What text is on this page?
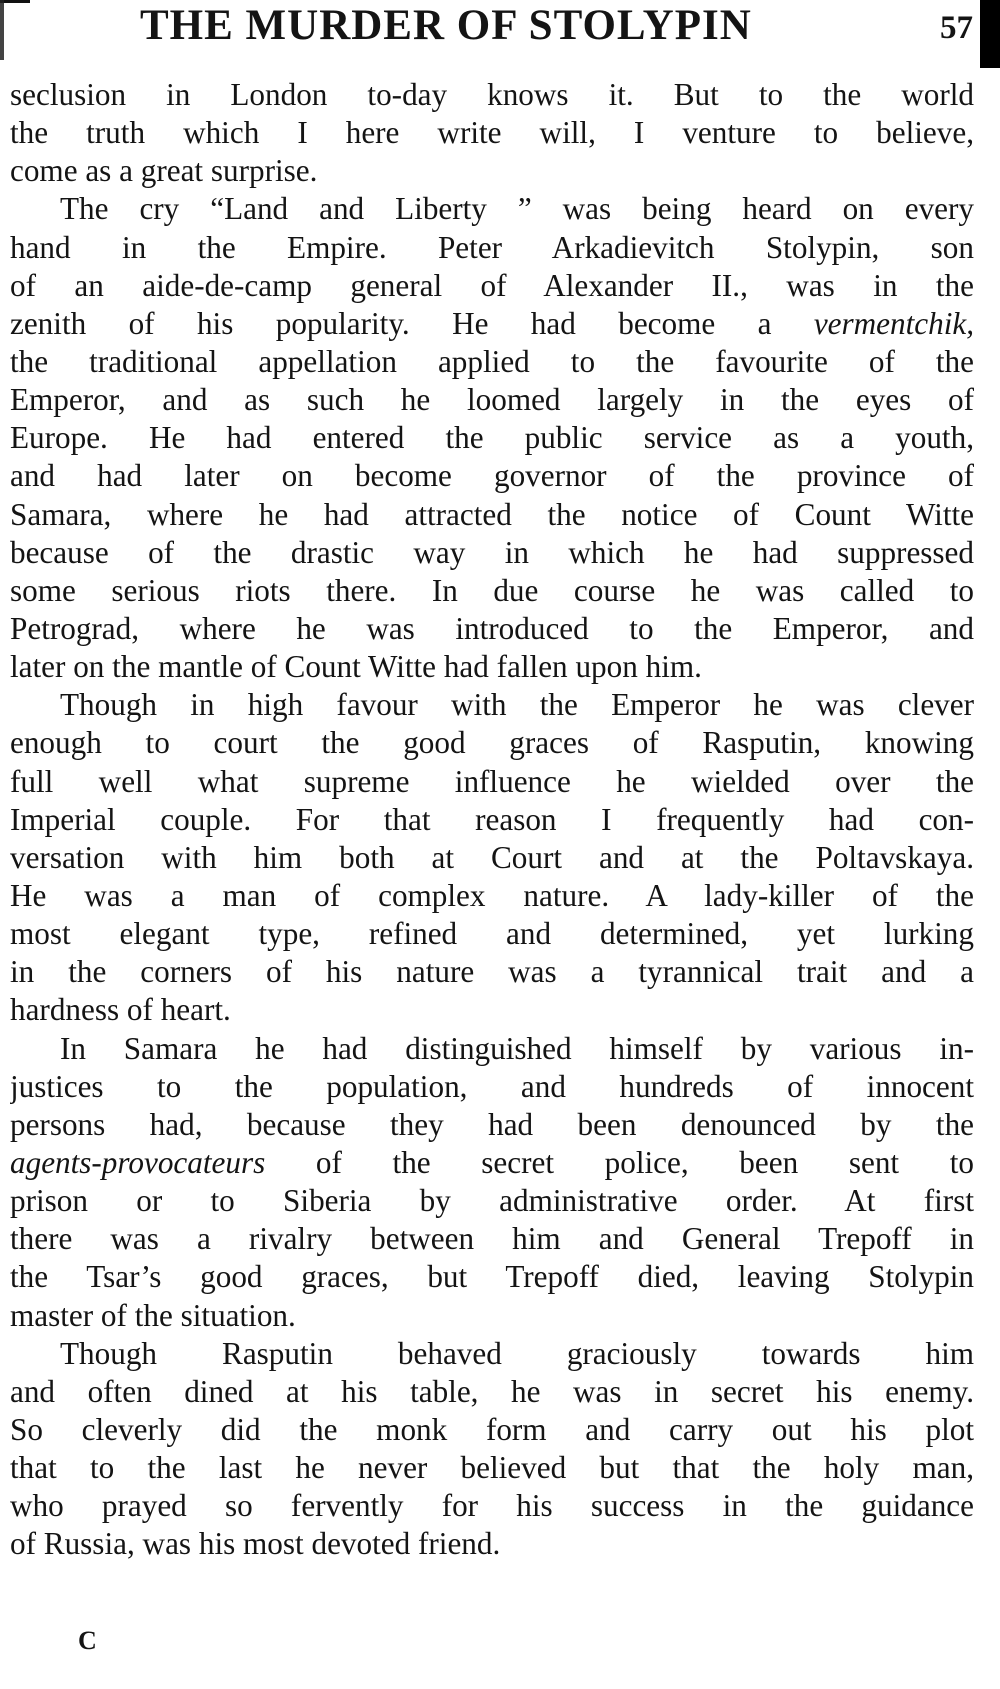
THE MURDER OF STOLYPIN	57
seclusion in London to-day knows it. But to the world
the truth which I here write will, I venture to believe,
come as a great surprise.
The cry “Land and Liberty ” was being heard on every
hand in the Empire. Peter Arkadievitch Stolypin, son
of an aide-de-camp general of Alexander II., was in the
zenith of his popularity. He had become a vermentchik,
the traditional appellation applied to the favourite of the
Emperor, and as such he loomed largely in the eyes of
Europe. He had entered the public service as a youth,
and had later on become governor of the province of
Samara, where he had attracted the notice of Count Witte
because of the drastic way in which he had suppressed
some serious riots there. In due course he was called to
Petrograd, where he was introduced to the Emperor, and
later on the mantle of Count Witte had fallen upon him.
Though in high favour with the Emperor he was clever
enough to court the good graces of Rasputin, knowing
full well what supreme influence he wielded over the
Imperial couple. For that reason I frequently had con-
versation with him both at Court and at the Poltavskaya.
He was a man of complex nature. A lady-killer of the
most elegant type, refined and determined, yet lurking
in the corners of his nature was a tyrannical trait and a
hardness of heart.
In Samara he had distinguished himself by various in-
justices to the population, and hundreds of innocent
persons had, because they had been denounced by the
agents-provocateurs of the secret police, been sent to
prison or to Siberia by administrative order. At first
there was a rivalry between him and General Trepoff in
the Tsar’s good graces, but Trepoff died, leaving Stolypin
master of the situation.
Though Rasputin behaved graciously towards him
and often dined at his table, he was in secret his enemy.
So cleverly did the monk form and carry out his plot
that to the last he never believed but that the holy man,
who prayed so fervently for his success in the guidance
of Russia, was his most devoted friend.
C
